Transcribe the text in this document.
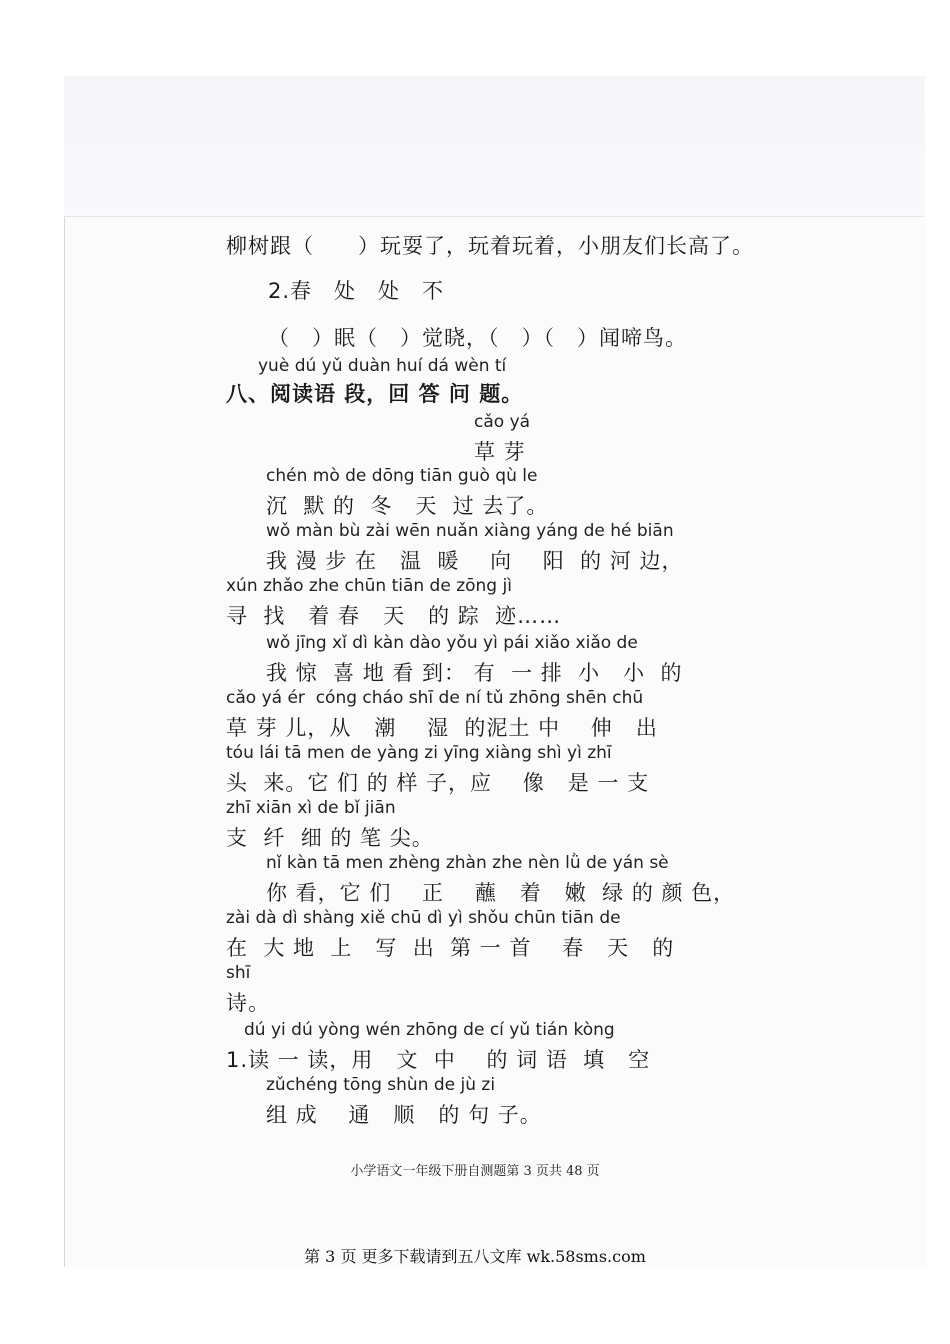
柳树跟（　　）玩耍了，玩着玩着，小朋友们长高了。
2.春　处　处　不
（　）眠（　）觉晓，（　）（　）闻啼鸟。
yuè dú yǔ duàn huí dá wèn tí
八、阅读语 段，回 答 问 题。
cǎo yá
草 芽
chén mò de dōng tiān guò qù le
沉  默 的  冬   天  过 去了。
wǒ màn bù zài wēn nuǎn xiàng yáng de hé biān
我 漫 步 在   温  暖    向    阳  的 河 边，
xún zhǎo zhe chūn tiān de zōng jì
寻  找   着 春   天   的 踪  迹……
wǒ jīng xǐ dì kàn dào yǒu yì pái xiǎo xiǎo de
我 惊  喜 地 看 到： 有  一 排  小   小  的
cǎo yá ér  cóng cháo shī de ní tǔ zhōng shēn chū
草 芽 儿，从   潮    湿  的泥土 中    伸   出
tóu lái tā men de yàng zi yīng xiàng shì yì zhī
头  来。它 们 的 样 子，应    像   是 一 支
zhī xiān xì de bǐ jiān
支  纤  细 的 笔 尖。
nǐ kàn tā men zhèng zhàn zhe nèn lǜ de yán sè
你 看，它 们    正    蘸   着   嫩  绿 的 颜 色，
zài dà dì shàng xiě chū dì yì shǒu chūn tiān de
在  大 地  上   写  出  第 一 首    春   天   的
shī
诗。
dú yi dú yòng wén zhōng de cí yǔ tián kòng
1.读 一 读，用   文  中    的 词 语  填   空
zǔchéng tōng shùn de jù zi
组 成    通   顺   的 句 子。
小学语文一年级下册自测题第 3 页共 48 页
第 3 页 更多下载请到五八文库 wk.58sms.com
